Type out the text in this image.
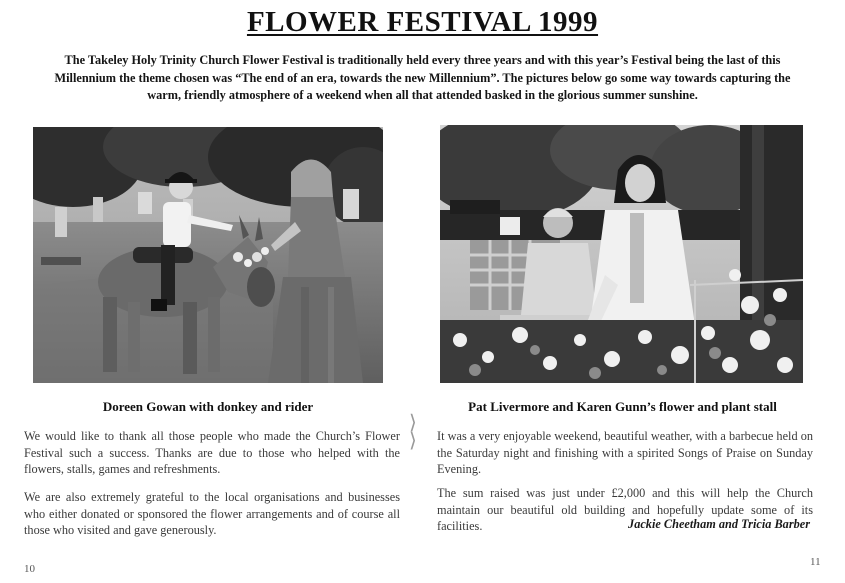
FLOWER FESTIVAL 1999
The Takeley Holy Trinity Church Flower Festival is traditionally held every three years and with this year’s Festival being the last of this
Millennium the theme chosen was “The end of an era, towards the new Millennium”. The pictures below go some way towards capturing the
warm, friendly atmosphere of a weekend when all that attended basked in the glorious summer sunshine.
Doreen Gowan with donkey and rider	Pat Livermore and Karen Gunn’s flower and plant stall
⟩
⟩
We would like to thank all those people who made the Church’s Flower Festival such a success. Thanks are due to those who helped with the flowers, stalls, games and refreshments.
We are also extremely grateful to the local organisations and businesses who either donated or sponsored the flower arrangements and of course all those who visited and gave generously.
It was a very enjoyable weekend, beautiful weather, with a barbecue held on the Saturday night and finishing with a spirited Songs of Praise on Sunday Evening.
The sum raised was just under £2,000 and this will help the Church maintain our beautiful old building and hopefully update some of its facilities.	Jackie Cheetham and Tricia Barber
10
11
